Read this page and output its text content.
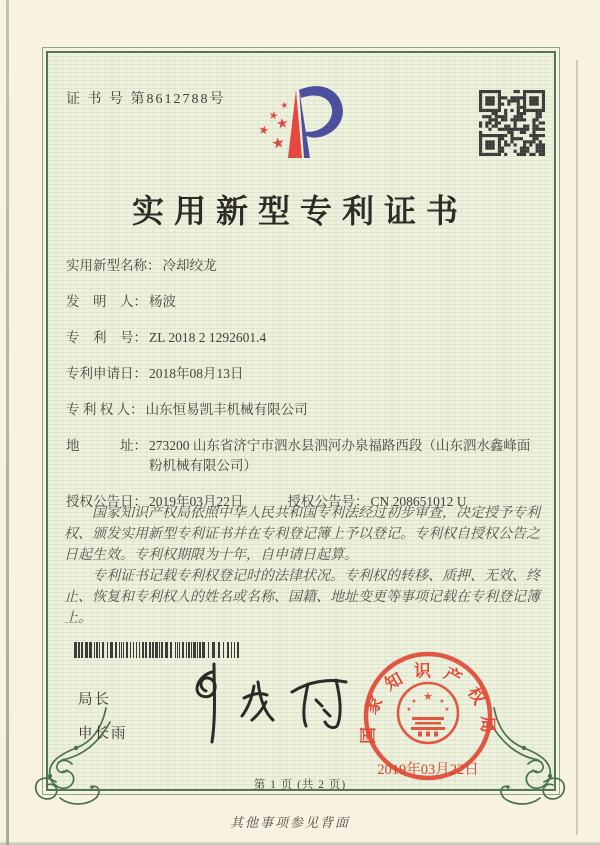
证 书 号 第8612788号	★
★
★
★
★
实用新型专利证书
实用新型名称： 冷却绞龙
发　明　人： 杨波
专　利　号： ZL 2018 2 1292601.4
专利申请日： 2018年08月13日
专 利 权 人： 山东恒易凯丰机械有限公司
地　　　址： 273200 山东省济宁市泗水县泗河办泉福路西段（山东泗水鑫峰面粉机械有限公司）
授权公告日： 2019年03月22日	授权公告号： CN 208651012 U

国家知识产权局依照中华人民共和国专利法经过初步审查，决定授予专利权、颁发实用新型专利证书并在专利登记簿上予以登记。专利权自授权公告之日起生效。专利权期限为十年，自申请日起算。

专利证书记载专利权登记时的法律状况。专利权的转移、质押、无效、终止、恢复和专利权人的姓名或名称、国籍、地址变更等事项记载在专利登记簿上。

局长
申长雨	国家知识产权局
★
★	★
★	★
2019年03月22日
第 1 页 (共 2 页)
其他事项参见背面
